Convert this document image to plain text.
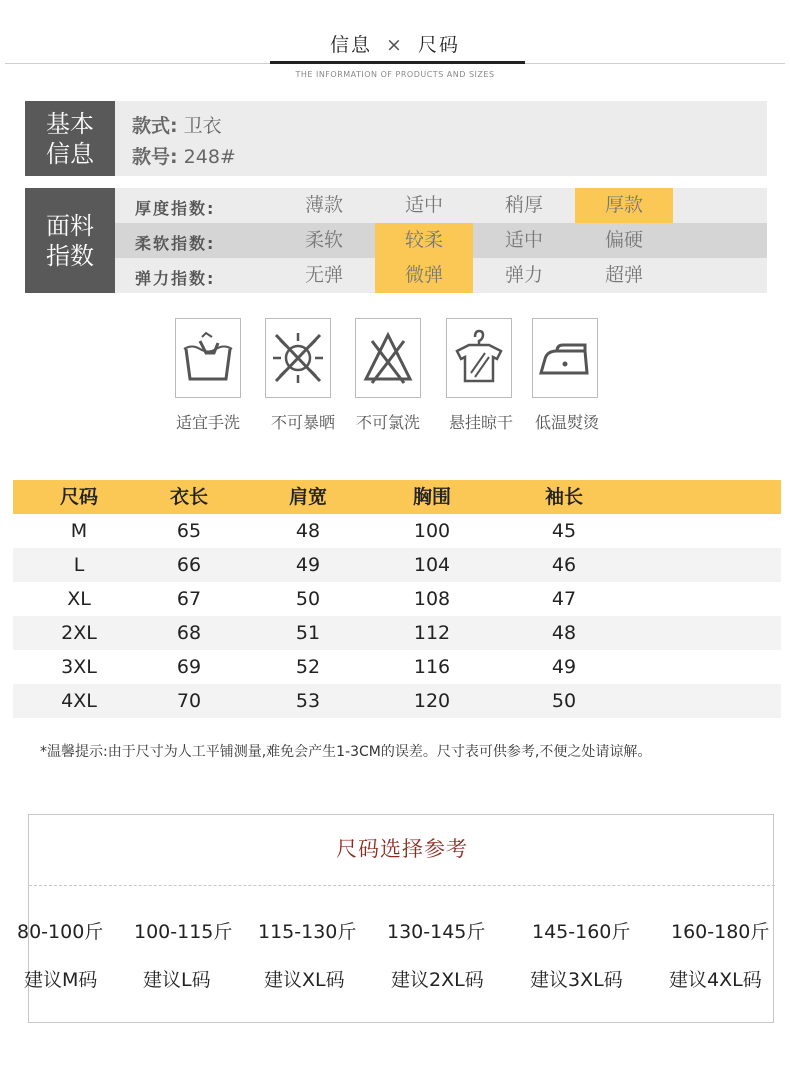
信息 × 尺码
THE INFORMATION OF PRODUCTS AND SIZES
基本
信息
款式: 卫衣
款号: 248#
面料
指数
厚度指数:	薄款	适中	稍厚	厚款
柔软指数:	柔软	较柔	适中	偏硬
弹力指数:	无弹	微弹	弹力	超弹
适宜手洗	不可暴晒	不可氯洗	悬挂晾干	低温熨烫
尺码	衣长	肩宽	胸围	袖长
M	65	48	100	45
L	66	49	104	46
XL	67	50	108	47
2XL	68	51	112	48
3XL	69	52	116	49
4XL	70	53	120	50
*温馨提示:由于尺寸为人工平铺测量,难免会产生1-3CM的误差。尺寸表可供参考,不便之处请谅解。
尺码选择参考
80-100斤 100-115斤 115-130斤 130-145斤 145-160斤 160-180斤
建议M码 建议L码	建议XL码 建议2XL码 建议3XL码 建议4XL码
